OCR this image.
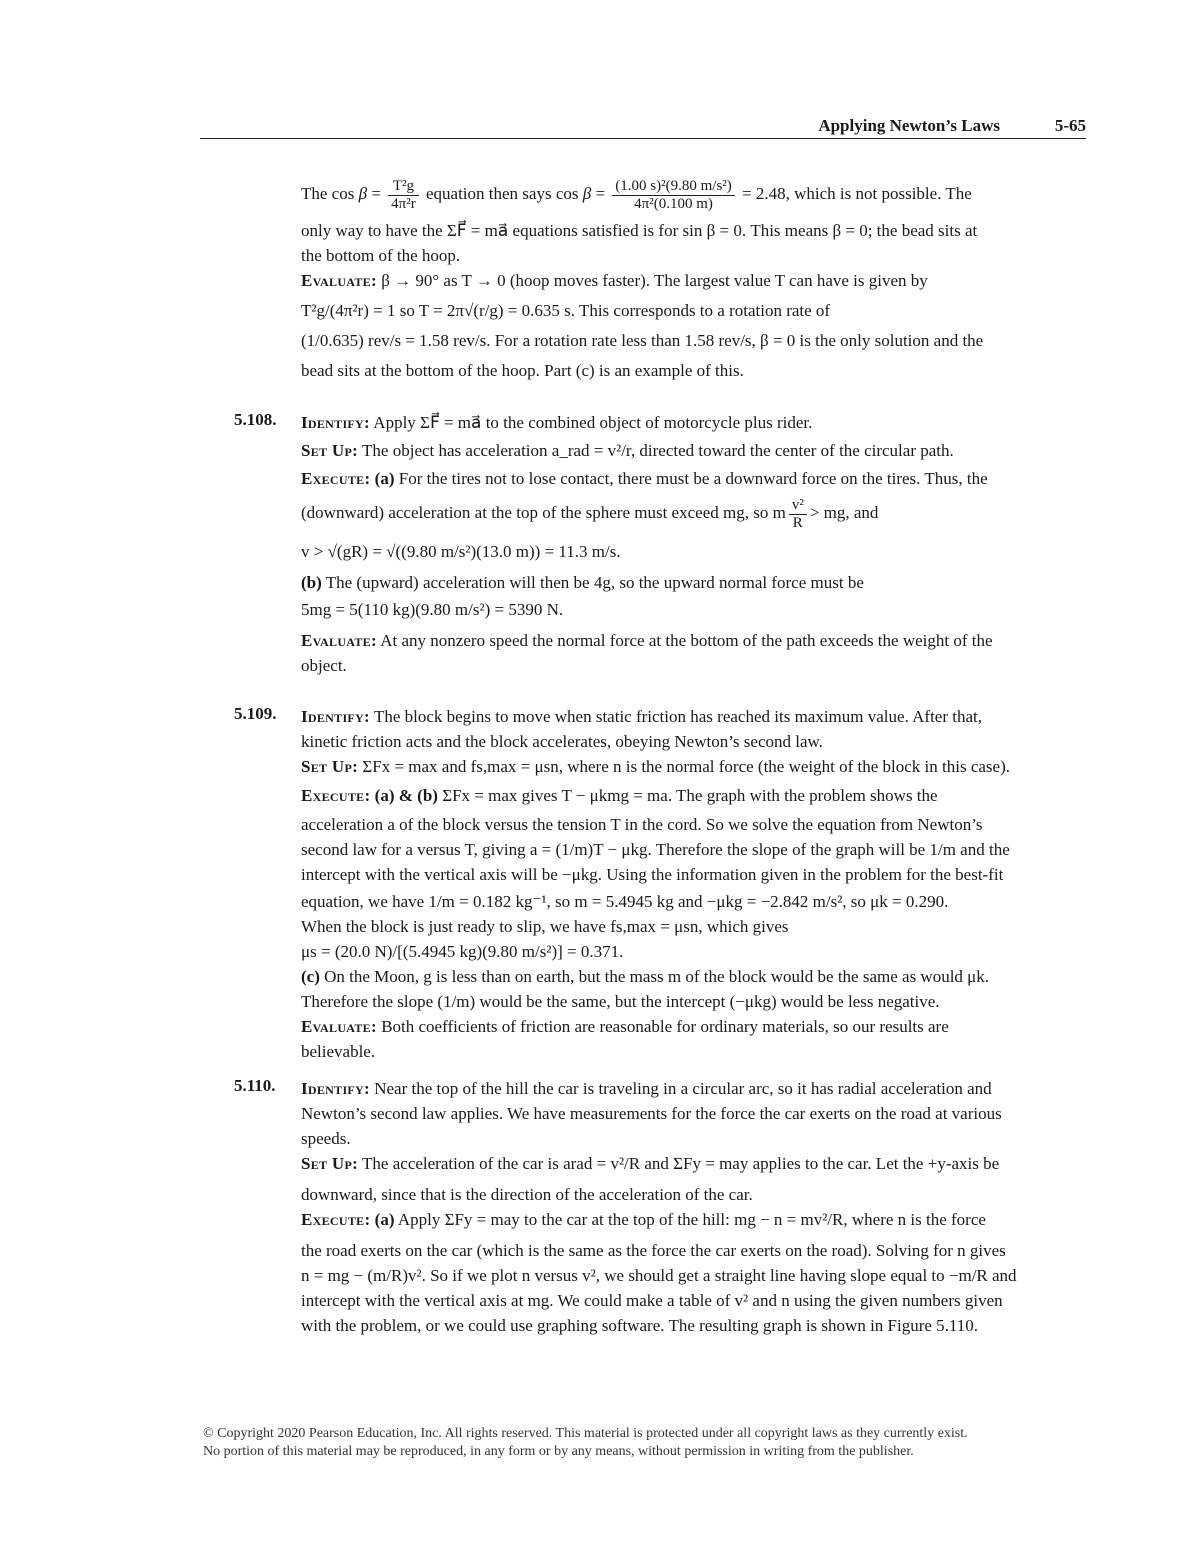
Applying Newton’s Laws	5-65
The $\cos \beta = \frac{\text{T²g}}{\text{4π²r}}$ equation then says $\cos \beta = \frac{\text{(1.00 s)²(9.80 m/s²)}}{\text{4π²(0.100 m)}} = 2.48$, which is not possible. The
only way to have the ΣF⃗ = ma⃗ equations satisfied is for sin β = 0. This means β = 0; the bead sits at
the bottom of the hoop.
Evaluate: β → 90° as T → 0 (hoop moves faster). The largest value T can have is given by
T²g/(4π²r) = 1 so T = 2π√(r/g) = 0.635 s. This corresponds to a rotation rate of
(1/0.635) rev/s = 1.58 rev/s. For a rotation rate less than 1.58 rev/s, β = 0 is the only solution and the
bead sits at the bottom of the hoop. Part (c) is an example of this.
5.108. Identify: Apply ΣF⃗ = ma⃗ to the combined object of motorcycle plus rider.
Set Up: The object has acceleration a_rad = v²/r, directed toward the center of the circular path.
Execute: (a) For the tires not to lose contact, there must be a downward force on the tires. Thus, the
(downward) acceleration at the top of the sphere must exceed mg, so m $\frac{\text{v²}}{R}$ > mg, and
v > √(gR) = √((9.80 m/s²)(13.0 m)) = 11.3 m/s.
(b) The (upward) acceleration will then be 4g, so the upward normal force must be
5mg = 5(110 kg)(9.80 m/s²) = 5390 N.
Evaluate: At any nonzero speed the normal force at the bottom of the path exceeds the weight of the
object.
5.109. Identify: The block begins to move when static friction has reached its maximum value. After that,
kinetic friction acts and the block accelerates, obeying Newton’s second law.
Set Up: ΣFx = max and fs,max = μsn, where n is the normal force (the weight of the block in this case).
Execute: (a) & (b) ΣFx = max gives T − μkmg = ma. The graph with the problem shows the
acceleration a of the block versus the tension T in the cord. So we solve the equation from Newton’s
second law for a versus T, giving a = (1/m)T − μkg. Therefore the slope of the graph will be 1/m and the
intercept with the vertical axis will be −μkg. Using the information given in the problem for the best-fit
equation, we have 1/m = 0.182 kg⁻¹, so m = 5.4945 kg and −μkg = −2.842 m/s², so μk = 0.290.
When the block is just ready to slip, we have fs,max = μsn, which gives
μs = (20.0 N)/[(5.4945 kg)(9.80 m/s²)] = 0.371.
(c) On the Moon, g is less than on earth, but the mass m of the block would be the same as would μk.
Therefore the slope (1/m) would be the same, but the intercept (−μkg) would be less negative.
Evaluate: Both coefficients of friction are reasonable for ordinary materials, so our results are
believable.
5.110. Identify: Near the top of the hill the car is traveling in a circular arc, so it has radial acceleration and
Newton’s second law applies. We have measurements for the force the car exerts on the road at various
speeds.
Set Up: The acceleration of the car is arad = v²/R and ΣFy = may applies to the car. Let the +y-axis be
downward, since that is the direction of the acceleration of the car.
Execute: (a) Apply ΣFy = may to the car at the top of the hill: mg − n = mv²/R, where n is the force
the road exerts on the car (which is the same as the force the car exerts on the road). Solving for n gives
n = mg − (m/R)v². So if we plot n versus v², we should get a straight line having slope equal to −m/R and
intercept with the vertical axis at mg. We could make a table of v² and n using the given numbers given
with the problem, or we could use graphing software. The resulting graph is shown in Figure 5.110.
© Copyright 2020 Pearson Education, Inc. All rights reserved. This material is protected under all copyright laws as they currently exist.
No portion of this material may be reproduced, in any form or by any means, without permission in writing from the publisher.
